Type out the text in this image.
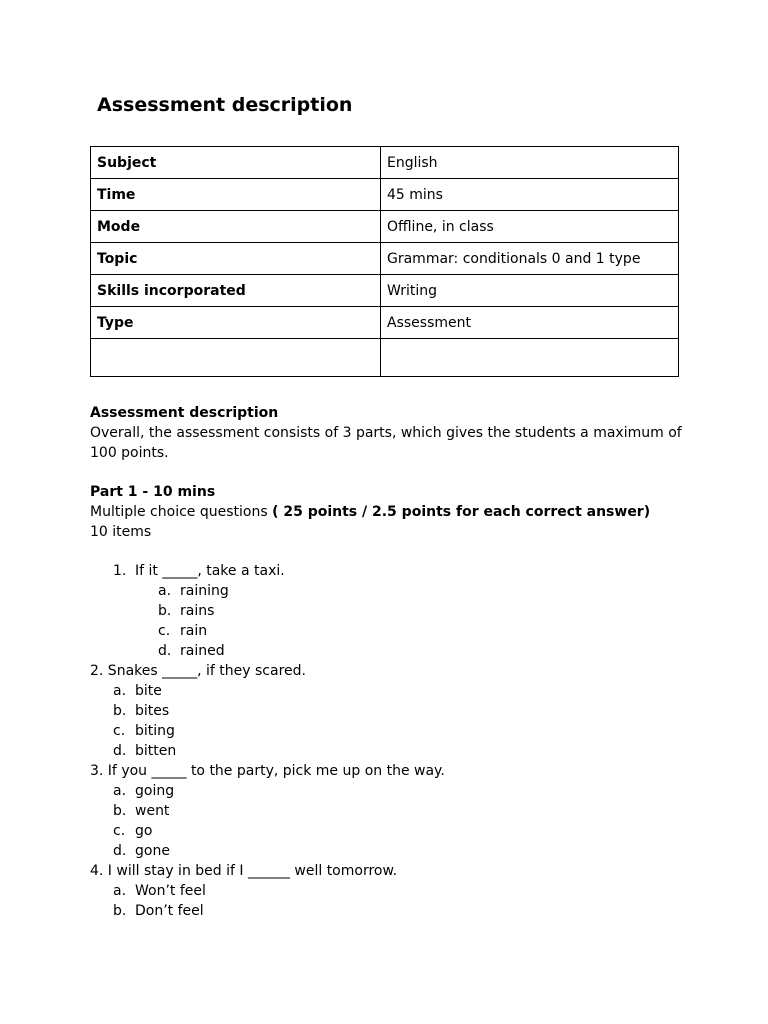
Assessment description
Subject	English
Time	45 mins
Mode	Offline, in class
Topic	Grammar: conditionals 0 and 1 type
Skills incorporated	Writing
Type	Assessment

Assessment description

Overall, the assessment consists of 3 parts, which gives the students a maximum of 100 points.

Part 1 - 10 mins

Multiple choice questions ( 25 points / 2.5 points for each correct answer)

10 items

1. If it _____, take a taxi.

a. raining

b. rains

c. rain

d. rained

2. Snakes _____, if they scared.

a. bite

b. bites

c. biting

d. bitten

3. If you _____ to the party, pick me up on the way.

a. going

b. went

c. go

d. gone

4. I will stay in bed if I ______ well tomorrow.

a. Won’t feel

b. Don’t feel
